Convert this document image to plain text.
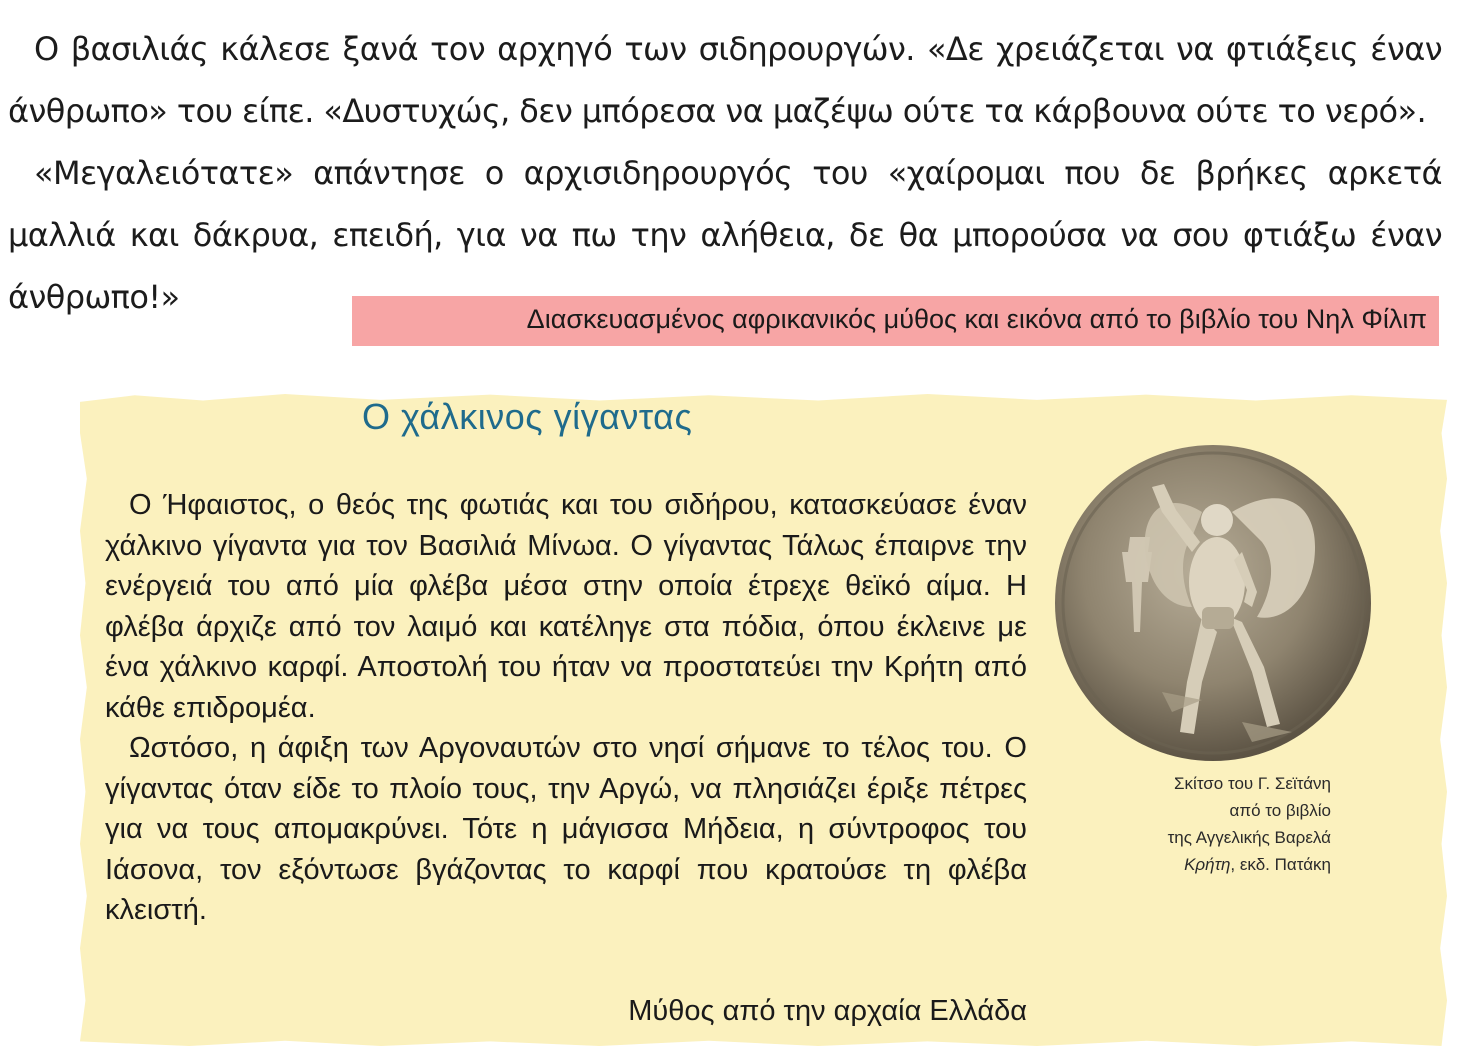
Ο βασιλιάς κάλεσε ξανά τον αρχηγό των σιδηρουργών. «Δε χρειάζεται να φτιάξεις έναν άνθρωπο» του είπε. «Δυστυχώς, δεν μπόρεσα να μαζέψω ούτε τα κάρβουνα ούτε το νερό».

«Μεγαλειότατε» απάντησε ο αρχισιδηρουργός του «χαίρομαι που δε βρήκες αρκετά μαλλιά και δάκρυα, επειδή, για να πω την αλήθεια, δε θα μπορούσα να σου φτιάξω έναν άνθρωπο!»

Διασκευασμένος αφρικανικός μύθος και εικόνα από το βιβλίο του Νηλ Φίλιπ
Ο χάλκινος γίγαντας

Ο Ήφαιστος, ο θεός της φωτιάς και του σιδήρου, κατασκεύασε έναν χάλκινο γίγαντα για τον Βασιλιά Μίνωα. Ο γίγαντας Τάλως έπαιρνε την ενέργειά του από μία φλέβα μέσα στην οποία έτρεχε θεϊκό αίμα. Η φλέβα άρχιζε από τον λαιμό και κατέληγε στα πόδια, όπου έκλεινε με ένα χάλκινο καρφί. Αποστολή του ήταν να προστατεύει την Κρήτη από κάθε επιδρομέα.

Ωστόσο, η άφιξη των Αργοναυτών στο νησί σήμανε το τέλος του. Ο γίγαντας όταν είδε το πλοίο τους, την Αργώ, να πλησιάζει έριξε πέτρες για να τους απομακρύνει. Τότε η μάγισσα Μήδεια, η σύντροφος του Ιάσονα, τον εξόντωσε βγάζοντας το καρφί που κρατούσε τη φλέβα κλειστή.

Μύθος από την αρχαία Ελλάδα
Σκίτσο του Γ. Σεϊτάνη
από το βιβλίο
της Αγγελικής Βαρελά
Κρήτη, εκδ. Πατάκη
